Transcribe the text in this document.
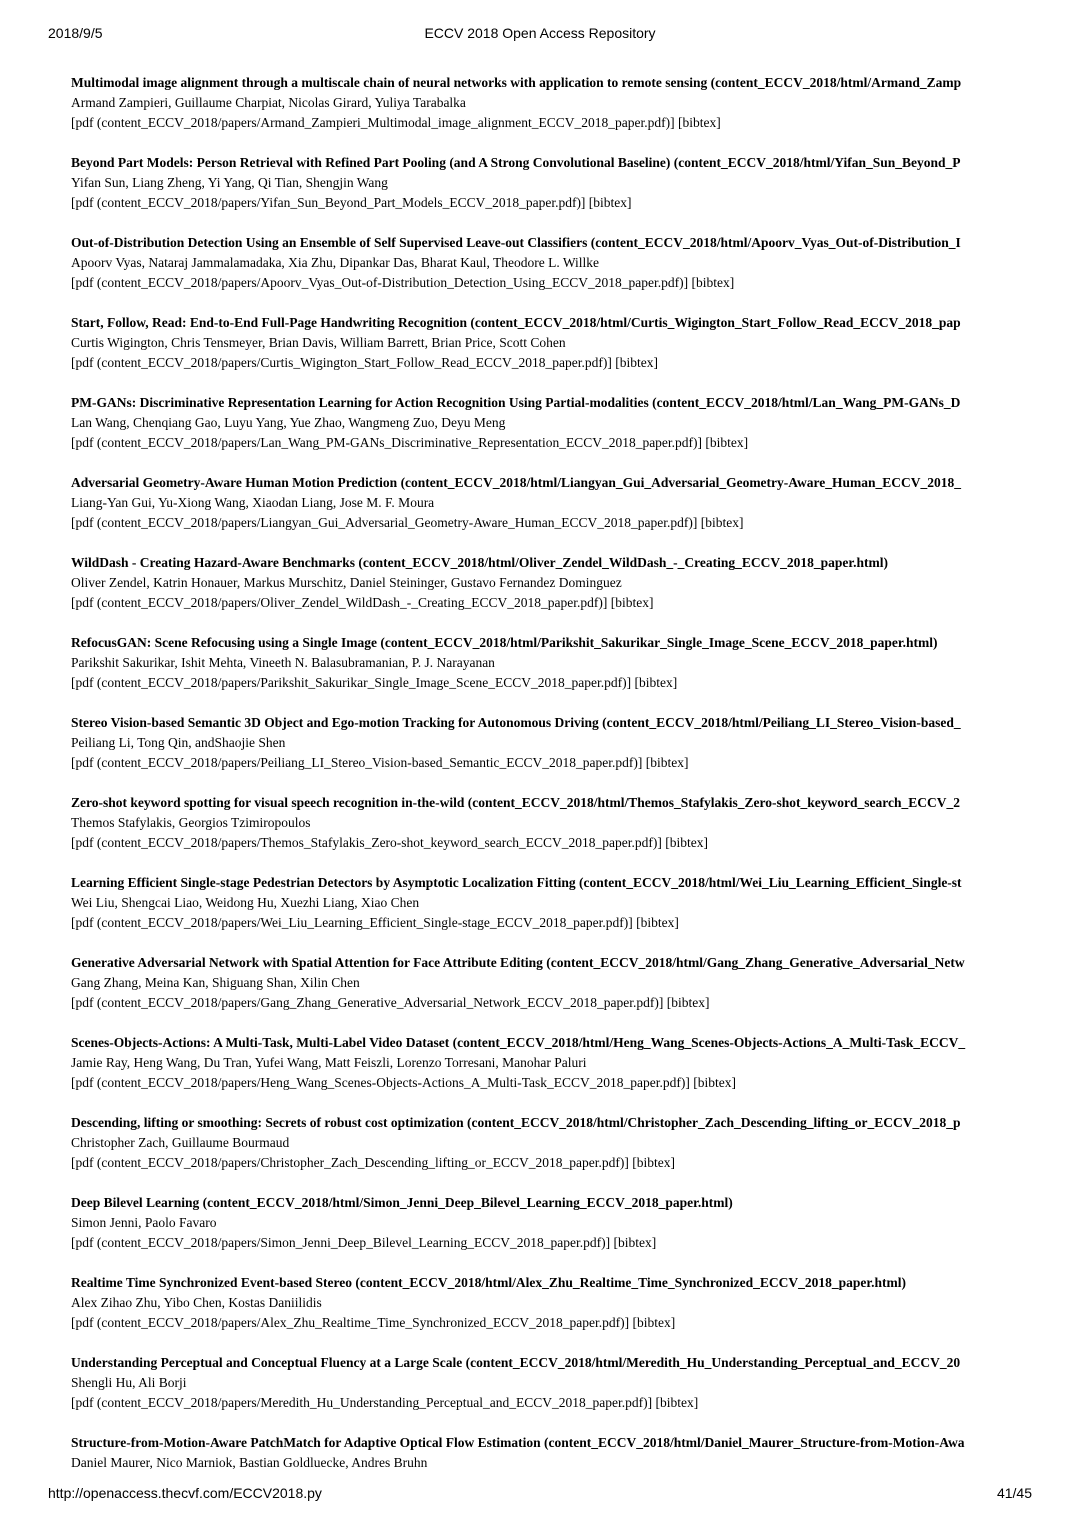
2018/9/5	ECCV 2018 Open Access Repository
Multimodal image alignment through a multiscale chain of neural networks with application to remote sensing (content_ECCV_2018/html/Armand_Zamp
Armand Zampieri, Guillaume Charpiat, Nicolas Girard, Yuliya Tarabalka
[pdf (content_ECCV_2018/papers/Armand_Zampieri_Multimodal_image_alignment_ECCV_2018_paper.pdf)] [bibtex]
Beyond Part Models: Person Retrieval with Refined Part Pooling (and A Strong Convolutional Baseline) (content_ECCV_2018/html/Yifan_Sun_Beyond_P
Yifan Sun, Liang Zheng, Yi Yang, Qi Tian, Shengjin Wang
[pdf (content_ECCV_2018/papers/Yifan_Sun_Beyond_Part_Models_ECCV_2018_paper.pdf)] [bibtex]
Out-of-Distribution Detection Using an Ensemble of Self Supervised Leave-out Classifiers (content_ECCV_2018/html/Apoorv_Vyas_Out-of-Distribution_I
Apoorv Vyas, Nataraj Jammalamadaka, Xia Zhu, Dipankar Das, Bharat Kaul, Theodore L. Willke
[pdf (content_ECCV_2018/papers/Apoorv_Vyas_Out-of-Distribution_Detection_Using_ECCV_2018_paper.pdf)] [bibtex]
Start, Follow, Read: End-to-End Full-Page Handwriting Recognition (content_ECCV_2018/html/Curtis_Wigington_Start_Follow_Read_ECCV_2018_pap
Curtis Wigington, Chris Tensmeyer, Brian Davis, William Barrett, Brian Price, Scott Cohen
[pdf (content_ECCV_2018/papers/Curtis_Wigington_Start_Follow_Read_ECCV_2018_paper.pdf)] [bibtex]
PM-GANs: Discriminative Representation Learning for Action Recognition Using Partial-modalities (content_ECCV_2018/html/Lan_Wang_PM-GANs_D
Lan Wang, Chenqiang Gao, Luyu Yang, Yue Zhao, Wangmeng Zuo, Deyu Meng
[pdf (content_ECCV_2018/papers/Lan_Wang_PM-GANs_Discriminative_Representation_ECCV_2018_paper.pdf)] [bibtex]
Adversarial Geometry-Aware Human Motion Prediction (content_ECCV_2018/html/Liangyan_Gui_Adversarial_Geometry-Aware_Human_ECCV_2018_
Liang-Yan Gui, Yu-Xiong Wang, Xiaodan Liang, Jose M. F. Moura
[pdf (content_ECCV_2018/papers/Liangyan_Gui_Adversarial_Geometry-Aware_Human_ECCV_2018_paper.pdf)] [bibtex]
WildDash - Creating Hazard-Aware Benchmarks (content_ECCV_2018/html/Oliver_Zendel_WildDash_-_Creating_ECCV_2018_paper.html)
Oliver Zendel, Katrin Honauer, Markus Murschitz, Daniel Steininger, Gustavo Fernandez Dominguez
[pdf (content_ECCV_2018/papers/Oliver_Zendel_WildDash_-_Creating_ECCV_2018_paper.pdf)] [bibtex]
RefocusGAN: Scene Refocusing using a Single Image (content_ECCV_2018/html/Parikshit_Sakurikar_Single_Image_Scene_ECCV_2018_paper.html)
Parikshit Sakurikar, Ishit Mehta, Vineeth N. Balasubramanian, P. J. Narayanan
[pdf (content_ECCV_2018/papers/Parikshit_Sakurikar_Single_Image_Scene_ECCV_2018_paper.pdf)] [bibtex]
Stereo Vision-based Semantic 3D Object and Ego-motion Tracking for Autonomous Driving (content_ECCV_2018/html/Peiliang_LI_Stereo_Vision-based_
Peiliang Li, Tong Qin, andShaojie Shen
[pdf (content_ECCV_2018/papers/Peiliang_LI_Stereo_Vision-based_Semantic_ECCV_2018_paper.pdf)] [bibtex]
Zero-shot keyword spotting for visual speech recognition in-the-wild (content_ECCV_2018/html/Themos_Stafylakis_Zero-shot_keyword_search_ECCV_2
Themos Stafylakis, Georgios Tzimiropoulos
[pdf (content_ECCV_2018/papers/Themos_Stafylakis_Zero-shot_keyword_search_ECCV_2018_paper.pdf)] [bibtex]
Learning Efficient Single-stage Pedestrian Detectors by Asymptotic Localization Fitting (content_ECCV_2018/html/Wei_Liu_Learning_Efficient_Single-st
Wei Liu, Shengcai Liao, Weidong Hu, Xuezhi Liang, Xiao Chen
[pdf (content_ECCV_2018/papers/Wei_Liu_Learning_Efficient_Single-stage_ECCV_2018_paper.pdf)] [bibtex]
Generative Adversarial Network with Spatial Attention for Face Attribute Editing (content_ECCV_2018/html/Gang_Zhang_Generative_Adversarial_Netw
Gang Zhang, Meina Kan, Shiguang Shan, Xilin Chen
[pdf (content_ECCV_2018/papers/Gang_Zhang_Generative_Adversarial_Network_ECCV_2018_paper.pdf)] [bibtex]
Scenes-Objects-Actions: A Multi-Task, Multi-Label Video Dataset (content_ECCV_2018/html/Heng_Wang_Scenes-Objects-Actions_A_Multi-Task_ECCV_
Jamie Ray, Heng Wang, Du Tran, Yufei Wang, Matt Feiszli, Lorenzo Torresani, Manohar Paluri
[pdf (content_ECCV_2018/papers/Heng_Wang_Scenes-Objects-Actions_A_Multi-Task_ECCV_2018_paper.pdf)] [bibtex]
Descending, lifting or smoothing: Secrets of robust cost optimization (content_ECCV_2018/html/Christopher_Zach_Descending_lifting_or_ECCV_2018_p
Christopher Zach, Guillaume Bourmaud
[pdf (content_ECCV_2018/papers/Christopher_Zach_Descending_lifting_or_ECCV_2018_paper.pdf)] [bibtex]
Deep Bilevel Learning (content_ECCV_2018/html/Simon_Jenni_Deep_Bilevel_Learning_ECCV_2018_paper.html)
Simon Jenni, Paolo Favaro
[pdf (content_ECCV_2018/papers/Simon_Jenni_Deep_Bilevel_Learning_ECCV_2018_paper.pdf)] [bibtex]
Realtime Time Synchronized Event-based Stereo (content_ECCV_2018/html/Alex_Zhu_Realtime_Time_Synchronized_ECCV_2018_paper.html)
Alex Zihao Zhu, Yibo Chen, Kostas Daniilidis
[pdf (content_ECCV_2018/papers/Alex_Zhu_Realtime_Time_Synchronized_ECCV_2018_paper.pdf)] [bibtex]
Understanding Perceptual and Conceptual Fluency at a Large Scale (content_ECCV_2018/html/Meredith_Hu_Understanding_Perceptual_and_ECCV_20
Shengli Hu, Ali Borji
[pdf (content_ECCV_2018/papers/Meredith_Hu_Understanding_Perceptual_and_ECCV_2018_paper.pdf)] [bibtex]
Structure-from-Motion-Aware PatchMatch for Adaptive Optical Flow Estimation (content_ECCV_2018/html/Daniel_Maurer_Structure-from-Motion-Awa
Daniel Maurer, Nico Marniok, Bastian Goldluecke, Andres Bruhn
http://openaccess.thecvf.com/ECCV2018.py	41/45
